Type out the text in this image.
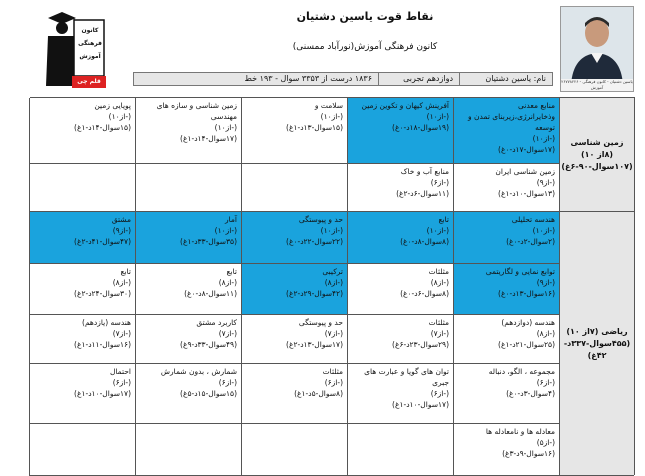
کانون
فرهنگی
آموزش
قلم چی
نقاط قوت یاسین دشتیان
کانون فرهنگی آموزش(نورآباد ممسنی)
۲۶۷۷۸۲۲۶ - یاسین دشتیان - کانون فرهنگی آموزش
نام: یاسین دشتیان
دوازدهم تجربی
۱۸۳۶ درست از ۳۳۵۳ سوال - ۱۹۳ خط
زمین شناسی (۸از ۱۰)
(۱۰۷سوال-۹۰-۶غ)
ریاضی (۷از ۱۰)
(۴۵۵سوال-۳۳۷د-
۴۲غ)
منابع معدنی وذخایرانرژی،زیربنای تمدن و توسعه
(-از۱۰)
(۱۷سوال-۱۷د-۰غ)
آفرینش کیهان و تکوین زمین
(-از۱۰)
(۱۹سوال-۱۸د-۰غ)
سلامت و
(-از۱۰)
(۱۵سوال-۱۳د-۱غ)
زمین شناسی و سازه های مهندسی
(-از۱۰)
(۱۷سوال-۱۴د-۱غ)
پویایی زمین
(-از۱۰)
(۱۵سوال-۱۴د-۱غ)
زمین شناسی ایران
(-از۹)
(۱۳سوال-۱۰د-۱غ)
منابع آب و خاک
(-از۶)
(۱۱سوال-۶د-۲غ)
هندسه تحلیلی
(-از۱۰)
(۲سوال-۲د-۰غ)
تابع
(-از۱۰)
(۸سوال-۸د-۰غ)
حد و پیوستگی
(-از۱۰)
(۲۲سوال-۲۲د-۰غ)
آمار
(-از۱۰)
(۳۵سوال-۳۳د-۱غ)
مشتق
(-از۹)
(۴۷سوال-۴۱د-۲غ)
توابع نمایی و لگاریتمی
(-از۹)
(۱۶سوال-۱۳د-۰غ)
مثلثات
(-از۸)
(۸سوال-۶د-۰غ)
ترکیبی
(-از۸)
(۴۲سوال-۲۹د-۲غ)
تابع
(-از۸)
(۱۱سوال-۸د-۰غ)
تابع
(-از۸)
(۳۰سوال-۲۴د-۲غ)
هندسه (دوازدهم)
(-از۸)
(۲۵سوال-۲۱د-۱غ)
مثلثات
(-از۷)
(۲۹سوال-۲۳د-۶غ)
حد و پیوستگی
(-از۷)
(۱۷سوال-۱۳د-۲غ)
کاربرد مشتق
(-از۷)
(۴۹سوال-۳۳د-۹غ)
هندسه (یازدهم)
(-از۷)
(۱۶سوال-۱۱د-۱غ)
مجموعه ، الگو، دنباله
(-از۶)
(۴سوال-۳د-۰غ)
توان های گویا و عبارت های جبری
(-از۶)
(۱۷سوال-۱۰د-۱غ)
مثلثات
(-از۶)
(۸سوال-۵د-۱غ)
شمارش ، بدون شمارش
(-از۶)
(۱۵سوال-۱۵د-۵غ)
احتمال
(-از۶)
(۱۷سوال-۱۰د-۱غ)
معادله ها و نامعادله ها
(-از۵)
(۱۶سوال-۹د-۳غ)
